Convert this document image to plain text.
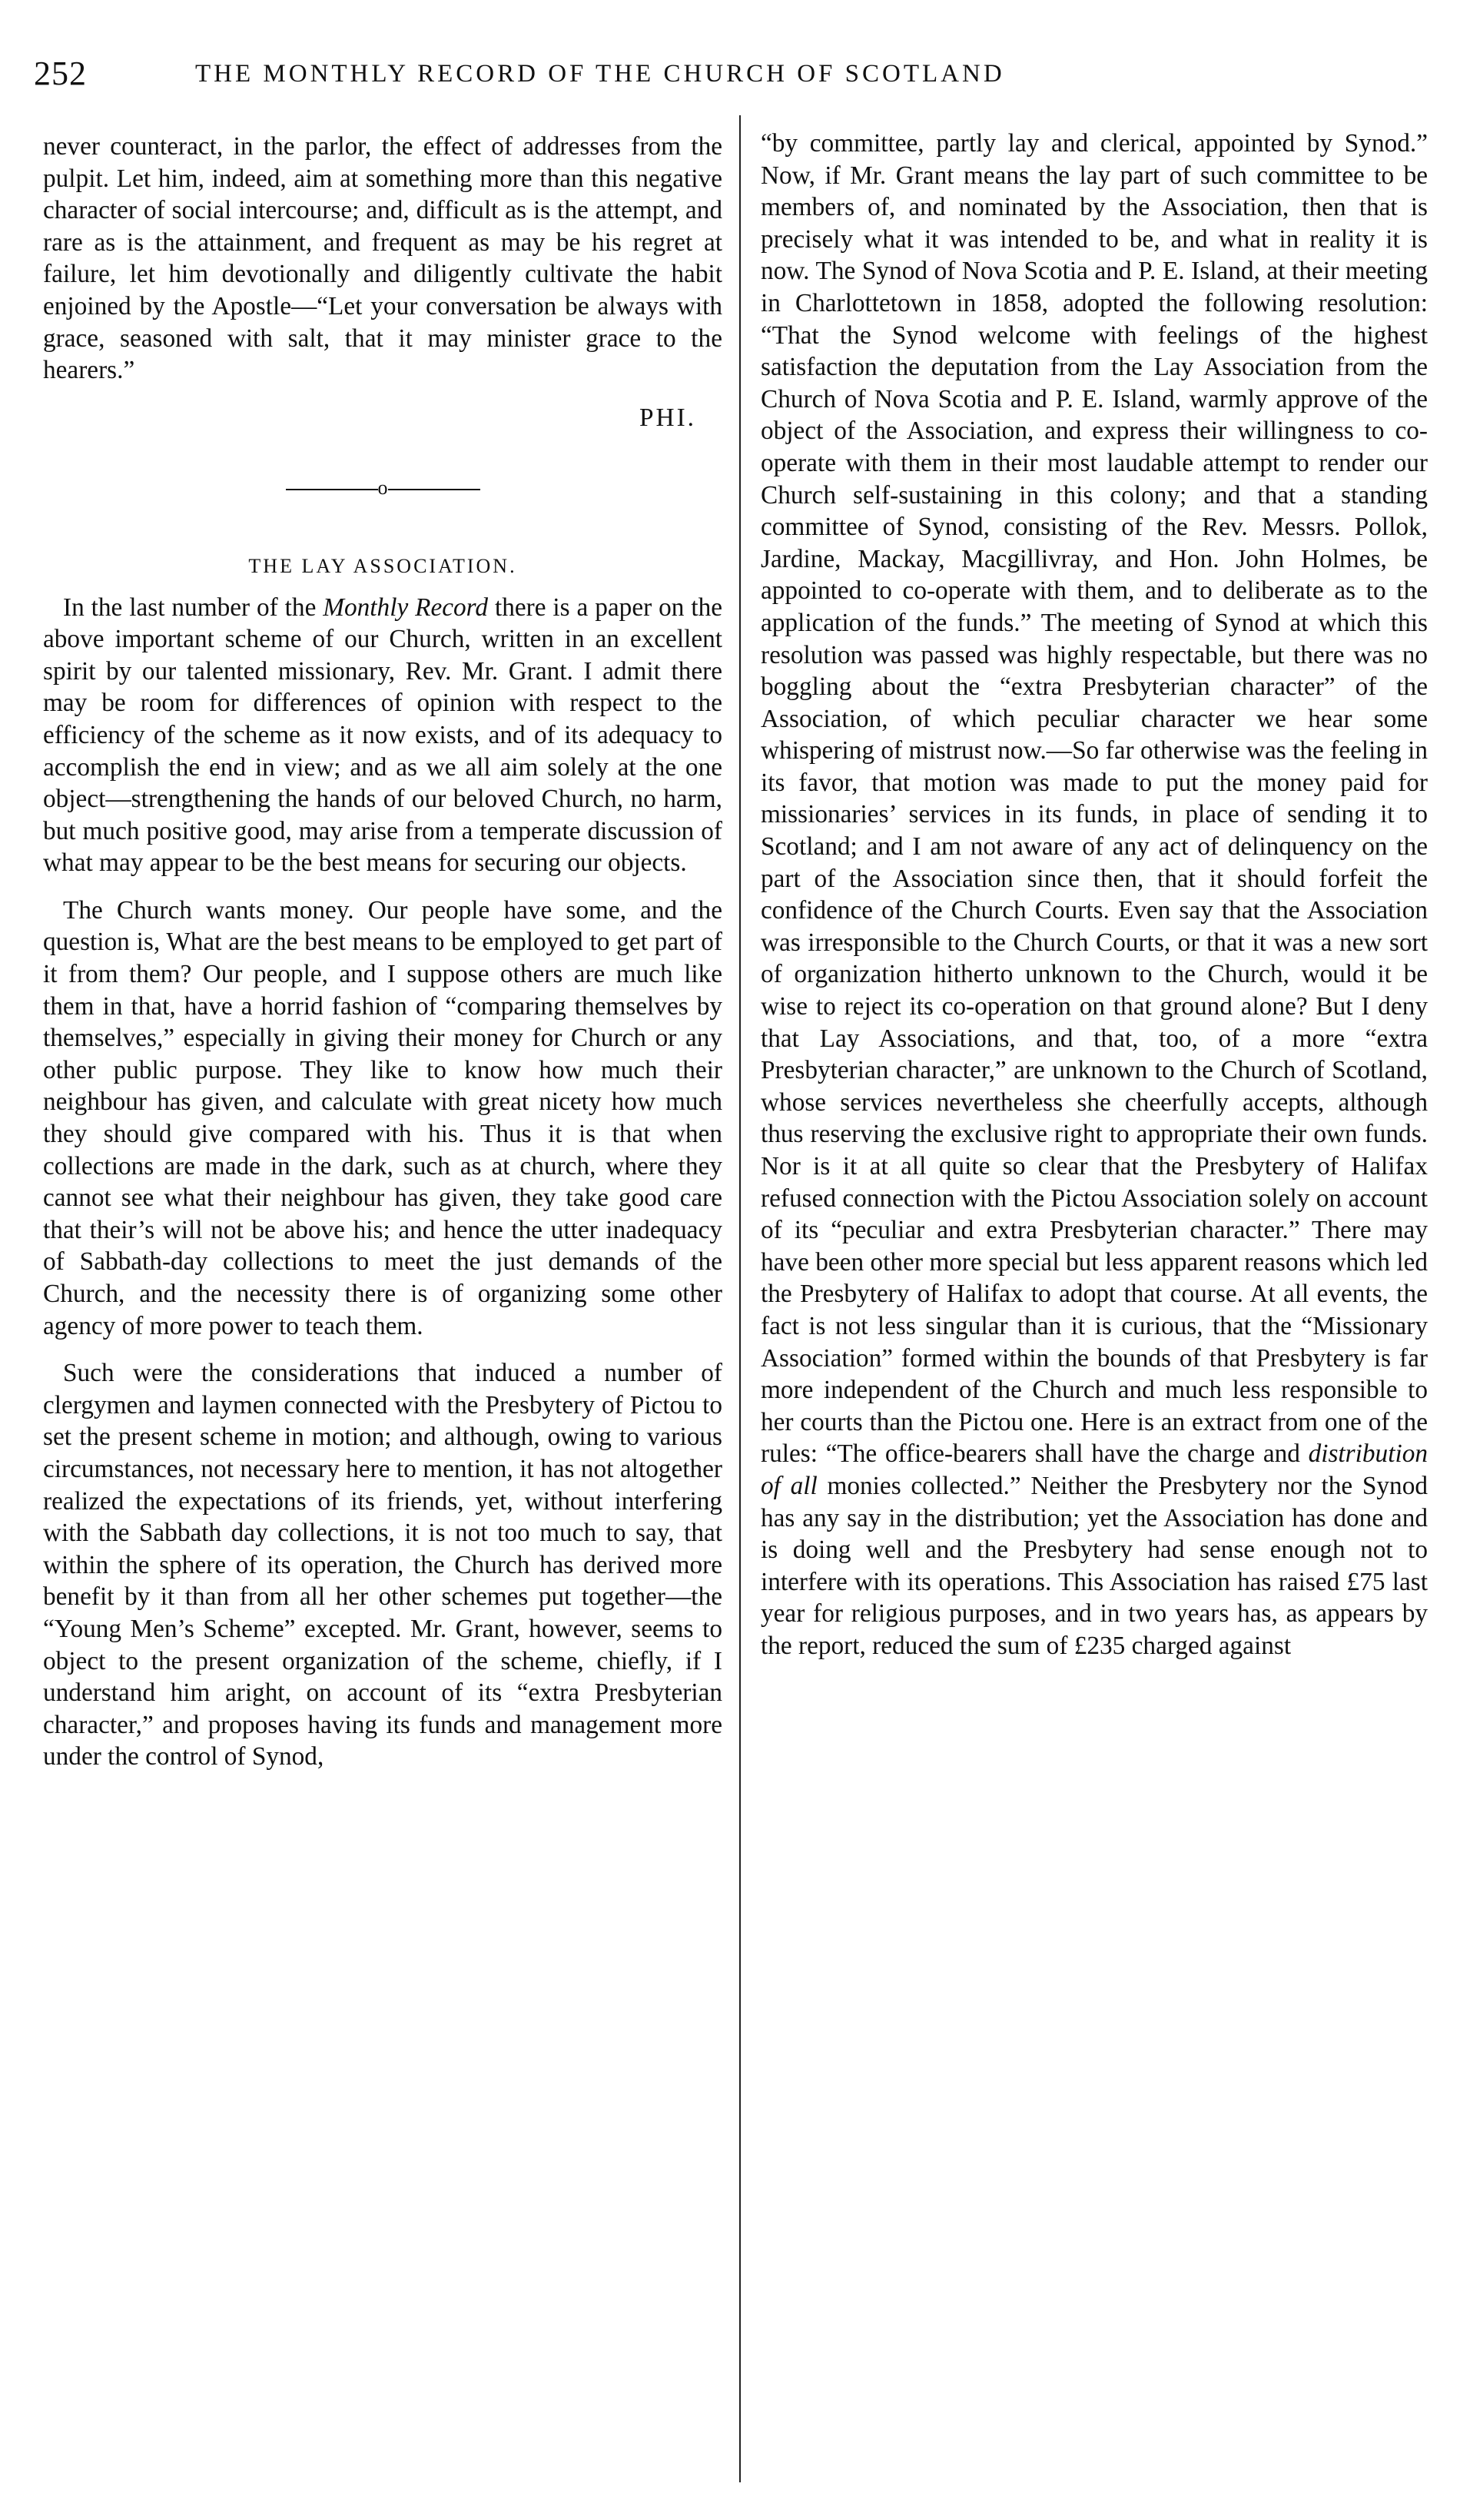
252	THE MONTHLY RECORD OF THE CHURCH OF SCOTLAND

never counteract, in the parlor, the effect of addresses from the pulpit. Let him, indeed, aim at something more than this negative character of social intercourse; and, difficult as is the attempt, and rare as is the attainment, and frequent as may be his regret at failure, let him devotionally and diligently cultivate the habit enjoined by the Apostle—“Let your conversation be always with grace, seasoned with salt, that it may minister grace to the hearers.”

PHI.
o
THE LAY ASSOCIATION.

In the last number of the Monthly Record there is a paper on the above important scheme of our Church, written in an excellent spirit by our talented missionary, Rev. Mr. Grant. I admit there may be room for differences of opinion with respect to the efficiency of the scheme as it now exists, and of its adequacy to accomplish the end in view; and as we all aim solely at the one object—strengthening the hands of our beloved Church, no harm, but much positive good, may arise from a temperate discussion of what may appear to be the best means for securing our objects.

The Church wants money. Our people have some, and the question is, What are the best means to be employed to get part of it from them? Our people, and I suppose others are much like them in that, have a horrid fashion of “comparing themselves by themselves,” especially in giving their money for Church or any other public purpose. They like to know how much their neighbour has given, and calculate with great nicety how much they should give compared with his. Thus it is that when collections are made in the dark, such as at church, where they cannot see what their neighbour has given, they take good care that their’s will not be above his; and hence the utter inadequacy of Sabbath-day collections to meet the just demands of the Church, and the necessity there is of organizing some other agency of more power to teach them.

Such were the considerations that induced a number of clergymen and laymen connected with the Presbytery of Pictou to set the present scheme in motion; and although, owing to various circumstances, not necessary here to mention, it has not altogether realized the expectations of its friends, yet, without interfering with the Sabbath day collections, it is not too much to say, that within the sphere of its operation, the Church has derived more benefit by it than from all her other schemes put together—the “Young Men’s Scheme” excepted. Mr. Grant, however, seems to object to the present organization of the scheme, chiefly, if I understand him aright, on account of its “extra Presbyterian character,” and proposes having its funds and management more under the control of Synod,

“by committee, partly lay and clerical, appointed by Synod.” Now, if Mr. Grant means the lay part of such committee to be members of, and nominated by the Association, then that is precisely what it was intended to be, and what in reality it is now. The Synod of Nova Scotia and P. E. Island, at their meeting in Charlottetown in 1858, adopted the following resolution: “That the Synod welcome with feelings of the highest satisfaction the deputation from the Lay Association from the Church of Nova Scotia and P. E. Island, warmly approve of the object of the Association, and express their willingness to co-operate with them in their most laudable attempt to render our Church self-sustaining in this colony; and that a standing committee of Synod, consisting of the Rev. Messrs. Pollok, Jardine, Mackay, Macgillivray, and Hon. John Holmes, be appointed to co-operate with them, and to deliberate as to the application of the funds.” The meeting of Synod at which this resolution was passed was highly respectable, but there was no boggling about the “extra Presbyterian character” of the Association, of which peculiar character we hear some whispering of mistrust now.—So far otherwise was the feeling in its favor, that motion was made to put the money paid for missionaries’ services in its funds, in place of sending it to Scotland; and I am not aware of any act of delinquency on the part of the Association since then, that it should forfeit the confidence of the Church Courts. Even say that the Association was irresponsible to the Church Courts, or that it was a new sort of organization hitherto unknown to the Church, would it be wise to reject its co-operation on that ground alone? But I deny that Lay Associations, and that, too, of a more “extra Presbyterian character,” are unknown to the Church of Scotland, whose services nevertheless she cheerfully accepts, although thus reserving the exclusive right to appropriate their own funds. Nor is it at all quite so clear that the Presbytery of Halifax refused connection with the Pictou Association solely on account of its “peculiar and extra Presbyterian character.” There may have been other more special but less apparent reasons which led the Presbytery of Halifax to adopt that course. At all events, the fact is not less singular than it is curious, that the “Missionary Association” formed within the bounds of that Presbytery is far more independent of the Church and much less responsible to her courts than the Pictou one. Here is an extract from one of the rules: “The office-bearers shall have the charge and distribution of all monies collected.” Neither the Presbytery nor the Synod has any say in the distribution; yet the Association has done and is doing well and the Presbytery had sense enough not to interfere with its operations. This Association has raised £75 last year for religious purposes, and in two years has, as appears by the report, reduced the sum of £235 charged against
